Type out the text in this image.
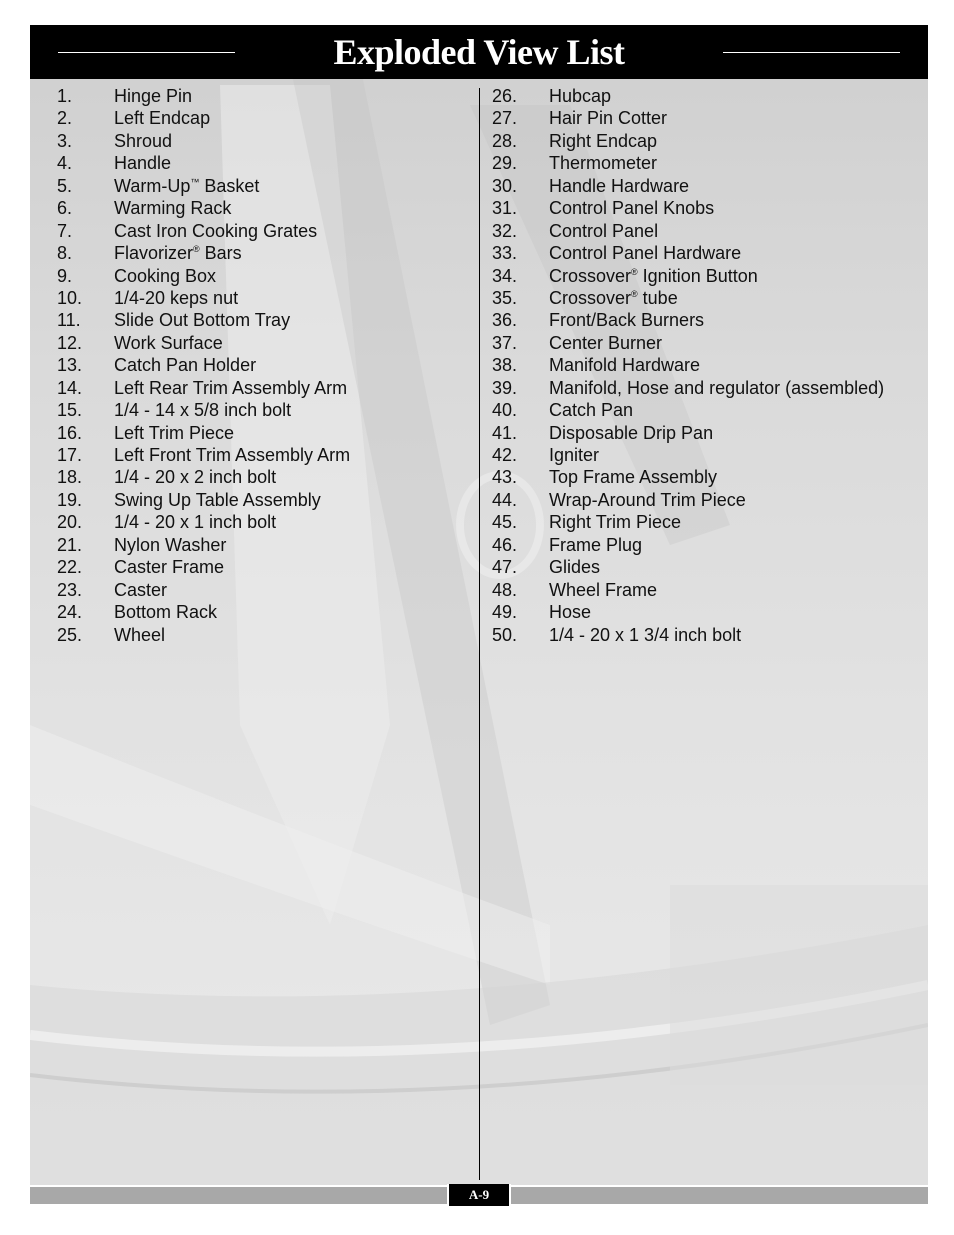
Exploded View List
1.	Hinge Pin
2.	Left Endcap
3.	Shroud
4.	Handle
5.	Warm-Up™ Basket
6.	Warming Rack
7.	Cast Iron Cooking Grates
8.	Flavorizer® Bars
9.	Cooking Box
10.	1/4-20 keps nut
11.	Slide Out Bottom Tray
12.	Work Surface
13.	Catch Pan Holder
14.	Left Rear Trim Assembly Arm
15.	1/4 - 14 x 5/8 inch bolt
16.	Left Trim Piece
17.	Left Front Trim Assembly Arm
18.	1/4 - 20 x 2 inch bolt
19.	Swing Up Table Assembly
20.	1/4 - 20 x 1 inch bolt
21.	Nylon Washer
22.	Caster Frame
23.	Caster
24.	Bottom Rack
25.	Wheel
26.	Hubcap
27.	Hair Pin Cotter
28.	Right Endcap
29.	Thermometer
30.	Handle Hardware
31.	Control Panel Knobs
32.	Control Panel
33.	Control Panel Hardware
34.	Crossover® Ignition Button
35.	Crossover® tube
36.	Front/Back Burners
37.	Center Burner
38.	Manifold Hardware
39.	Manifold, Hose and regulator (assembled)
40.	Catch Pan
41.	Disposable Drip Pan
42.	Igniter
43.	Top Frame Assembly
44.	Wrap-Around Trim Piece
45.	Right Trim Piece
46.	Frame Plug
47.	Glides
48.	Wheel Frame
49.	Hose
50.	1/4 - 20 x 1 3/4 inch bolt
A-9
